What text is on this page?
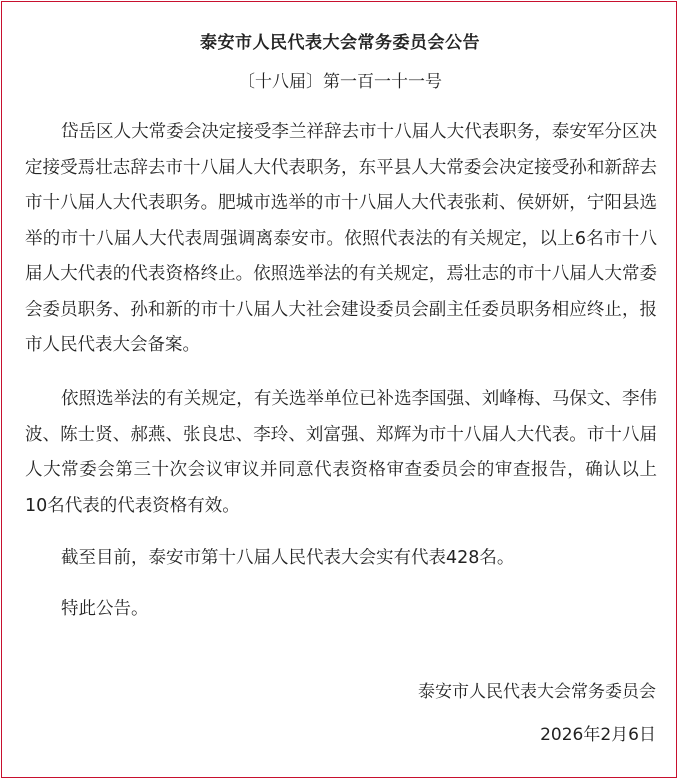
泰安市人民代表大会常务委员会公告
〔十八届〕第一百一十一号

岱岳区人大常委会决定接受李兰祥辞去市十八届人大代表职务，泰安军分区决定接受焉壮志辞去市十八届人大代表职务，东平县人大常委会决定接受孙和新辞去市十八届人大代表职务。肥城市选举的市十八届人大代表张莉、侯妍妍，宁阳县选举的市十八届人大代表周强调离泰安市。依照代表法的有关规定，以上6名市十八届人大代表的代表资格终止。依照选举法的有关规定，焉壮志的市十八届人大常委会委员职务、孙和新的市十八届人大社会建设委员会副主任委员职务相应终止，报市人民代表大会备案。

依照选举法的有关规定，有关选举单位已补选李国强、刘峰梅、马保文、李伟波、陈士贤、郝燕、张良忠、李玲、刘富强、郑辉为市十八届人大代表。市十八届人大常委会第三十次会议审议并同意代表资格审查委员会的审查报告，确认以上10名代表的代表资格有效。

截至目前，泰安市第十八届人民代表大会实有代表428名。

特此公告。

泰安市人民代表大会常务委员会
2026年2月6日
